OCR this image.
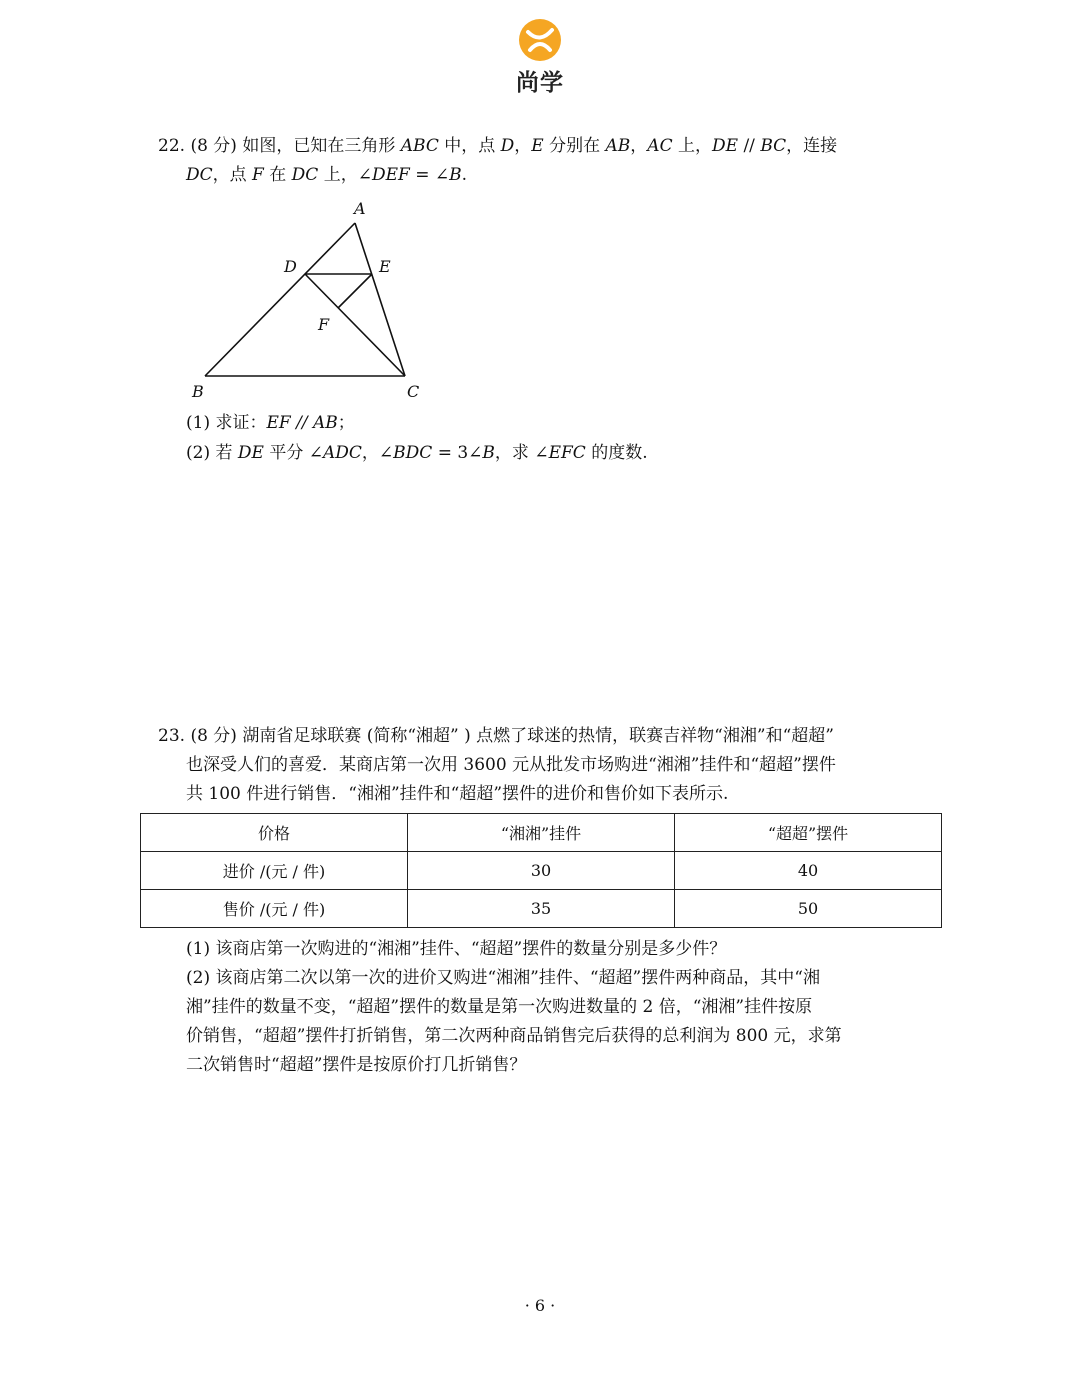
尚学
22. (8 分) 如图，已知在三角形 ABC 中，点 D，E 分别在 AB，AC 上，DE // BC，连接
DC，点 F 在 DC 上，∠DEF = ∠B.
A
D	E
F
B	C
(1) 求证：EF // AB；
(2) 若 DE 平分 ∠ADC，∠BDC = 3∠B，求 ∠EFC 的度数.
23. (8 分) 湖南省足球联赛 (简称“湘超” ) 点燃了球迷的热情，联赛吉祥物“湘湘”和“超超”
也深受人们的喜爱．某商店第一次用 3600 元从批发市场购进“湘湘”挂件和“超超”摆件
共 100 件进行销售．“湘湘”挂件和“超超”摆件的进价和售价如下表所示.
价格	“湘湘”挂件	“超超”摆件
进价 /(元 / 件)	30	40
售价 /(元 / 件)	35	50
(1) 该商店第一次购进的“湘湘”挂件、“超超”摆件的数量分别是多少件？
(2) 该商店第二次以第一次的进价又购进“湘湘”挂件、“超超”摆件两种商品，其中“湘
湘”挂件的数量不变，“超超”摆件的数量是第一次购进数量的 2 倍，“湘湘”挂件按原
价销售，“超超”摆件打折销售，第二次两种商品销售完后获得的总利润为 800 元，求第
二次销售时“超超”摆件是按原价打几折销售？
· 6 ·
